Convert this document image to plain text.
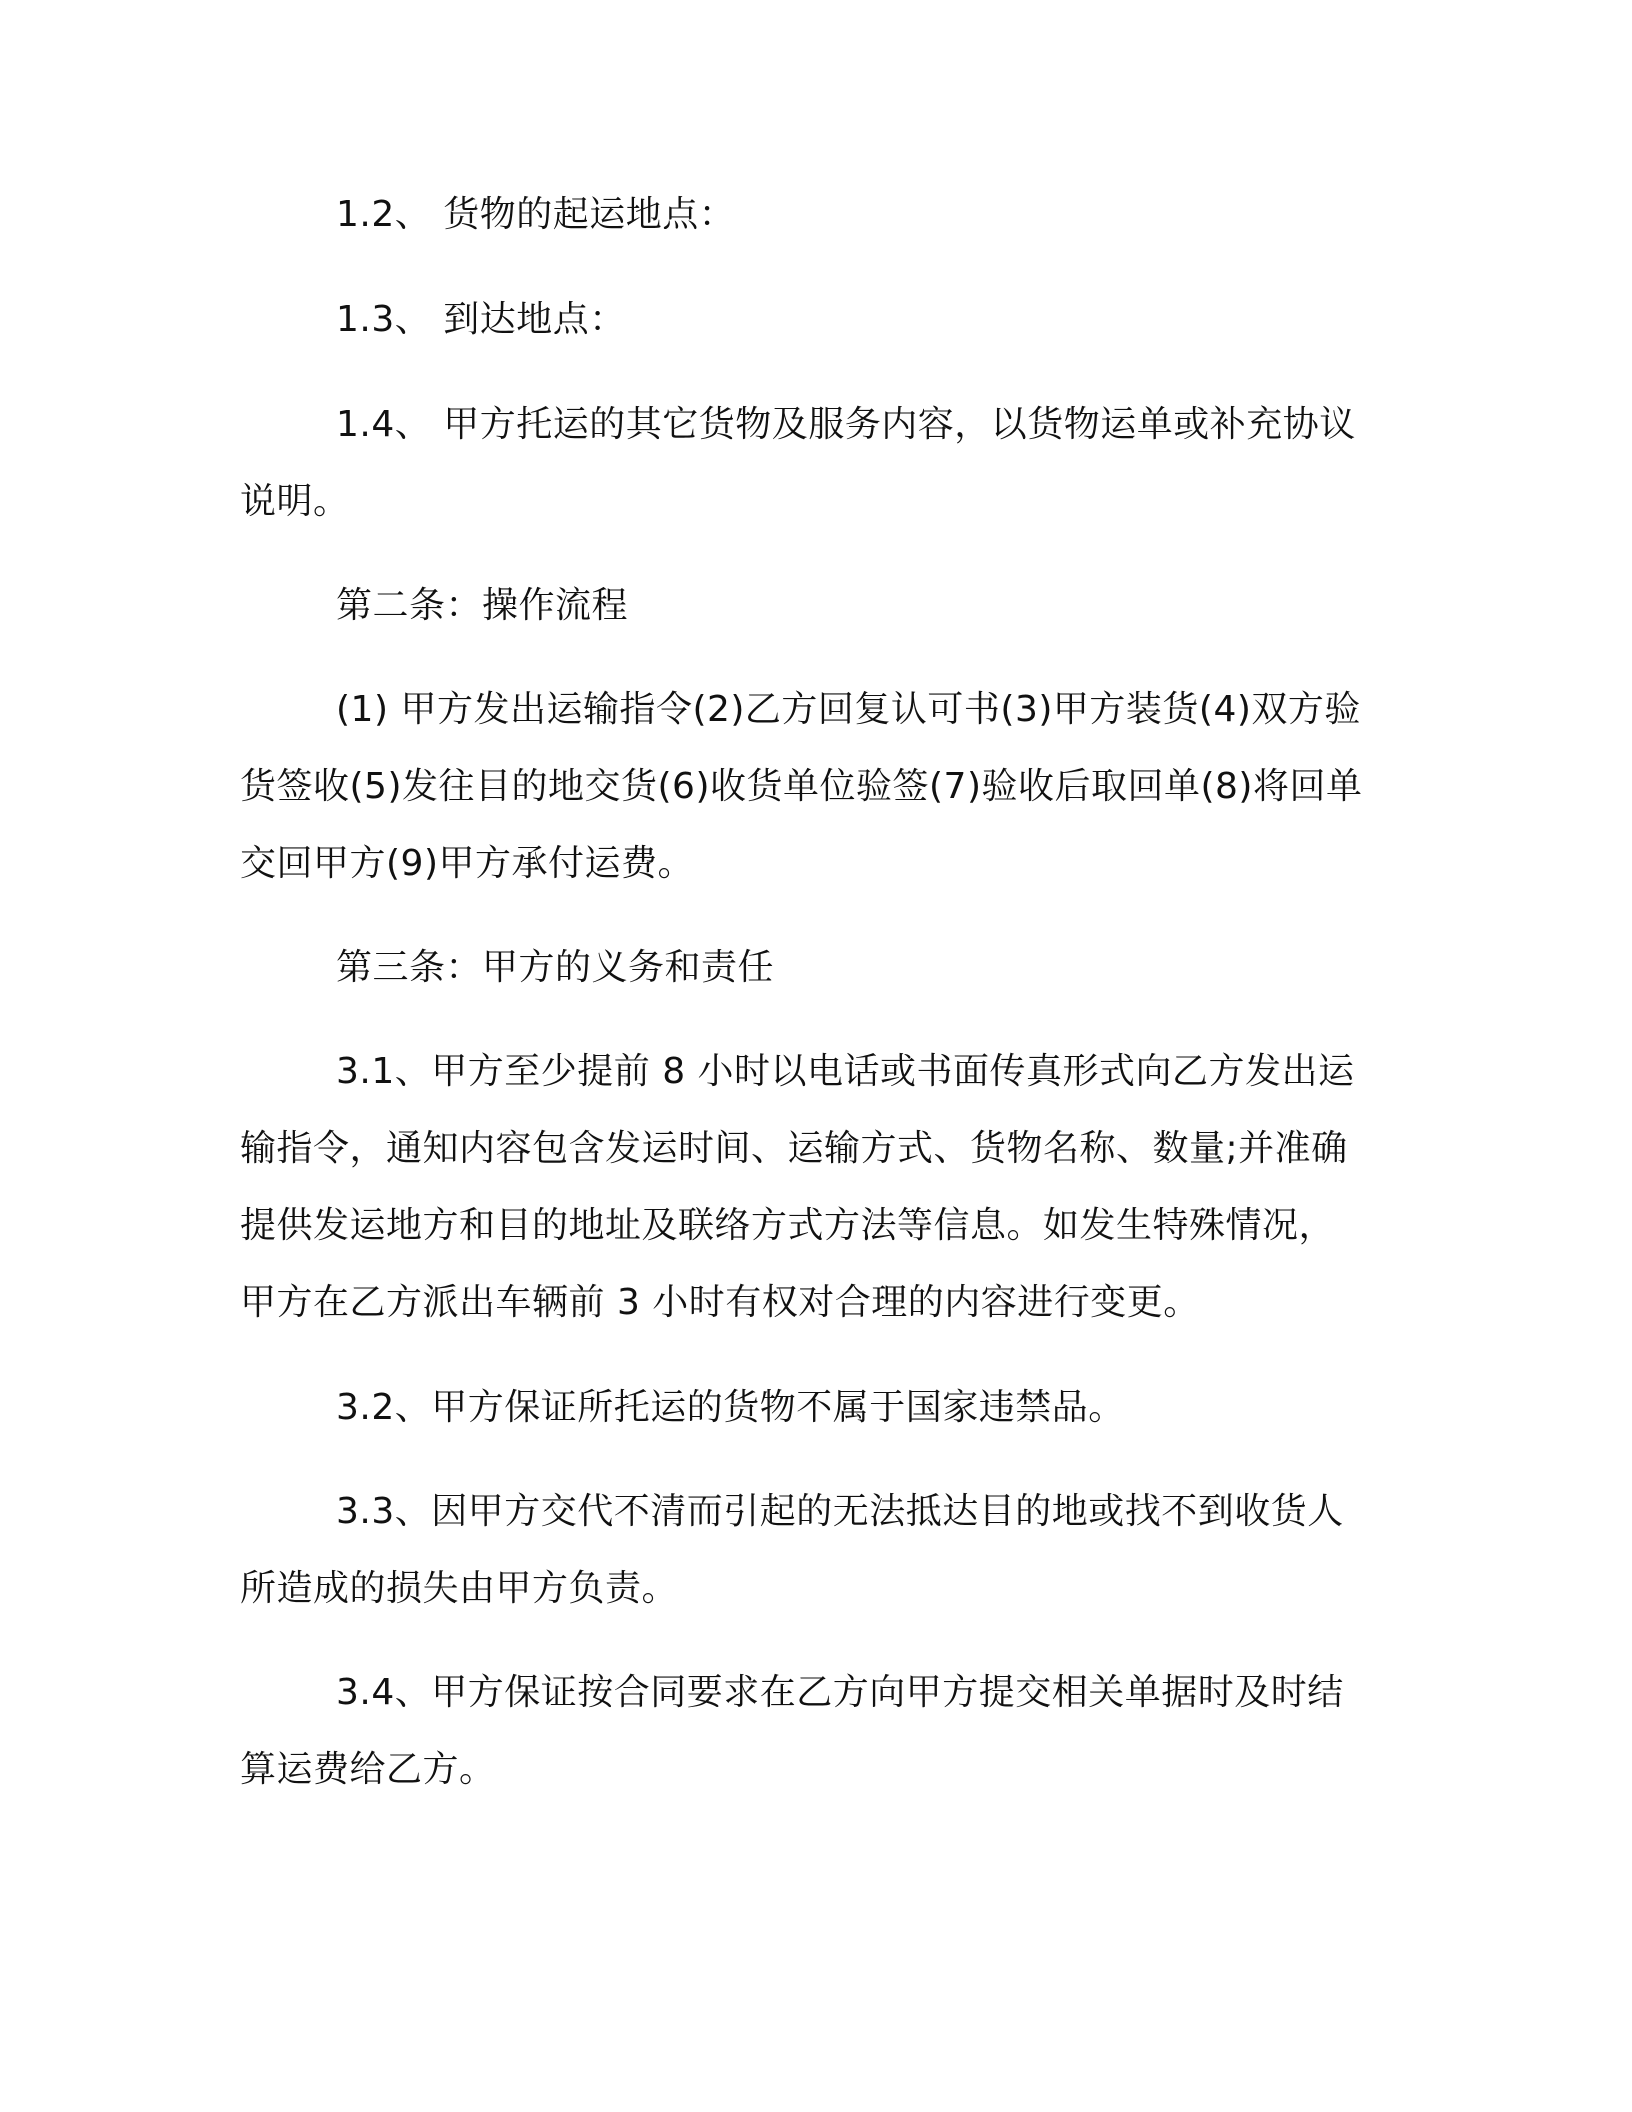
1.2、 货物的起运地点：

1.3、 到达地点：

1.4、 甲方托运的其它货物及服务内容，以货物运单或补充协议说明。

第二条：操作流程

(1) 甲方发出运输指令(2)乙方回复认可书(3)甲方装货(4)双方验货签收(5)发往目的地交货(6)收货单位验签(7)验收后取回单(8)将回单交回甲方(9)甲方承付运费。

第三条：甲方的义务和责任

3.1、甲方至少提前 8 小时以电话或书面传真形式向乙方发出运输指令，通知内容包含发运时间、运输方式、货物名称、数量;并准确提供发运地方和目的地址及联络方式方法等信息。如发生特殊情况，甲方在乙方派出车辆前 3 小时有权对合理的内容进行变更。

3.2、甲方保证所托运的货物不属于国家违禁品。

3.3、因甲方交代不清而引起的无法抵达目的地或找不到收货人所造成的损失由甲方负责。

3.4、甲方保证按合同要求在乙方向甲方提交相关单据时及时结算运费给乙方。
